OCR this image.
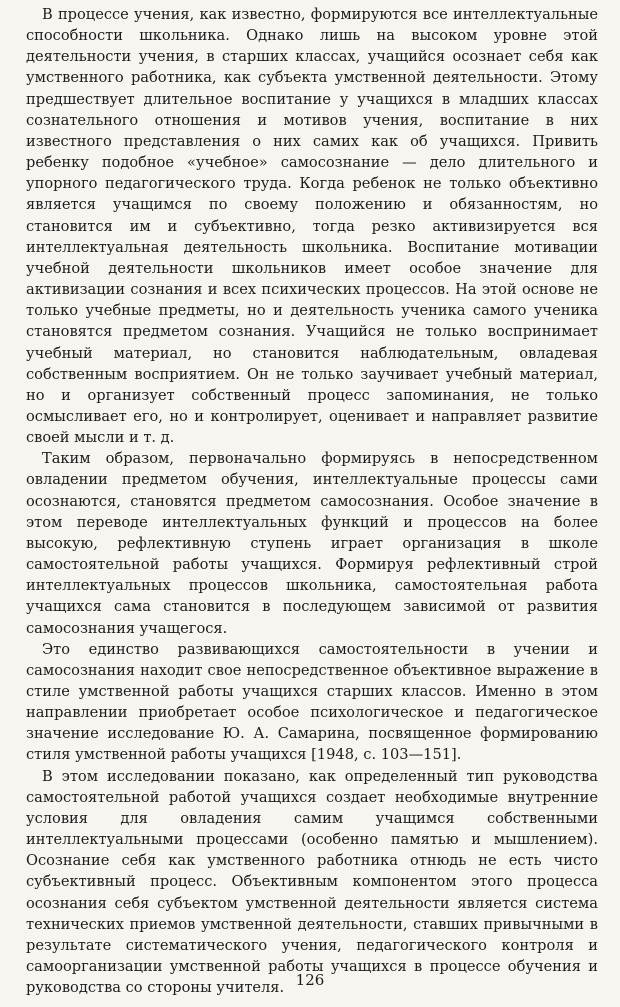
В процессе учения, как известно, формируются все интеллектуальные способности школьника. Однако лишь на высоком уровне этой деятельности учения, в старших классах, учащийся осознает себя как умственного работника, как субъекта умственной деятельности. Этому предшествует длительное воспитание у учащихся в младших классах сознательного отношения и мотивов учения, воспитание в них известного представления о них самих как об учащихся. Привить ребенку подобное «учебное» самосознание — дело длительного и упорного педагогического труда. Когда ребенок не только объективно является учащимся по своему положению и обязанностям, но становится им и субъективно, тогда резко активизируется вся интеллектуальная деятельность школьника. Воспитание мотивации учебной деятельности школьников имеет особое значение для активизации сознания и всех психических процессов. На этой основе не только учебные предметы, но и деятельность ученика самого ученика становятся предметом сознания. Учащийся не только воспринимает учебный материал, но становится наблюдательным, овладевая собственным восприятием. Он не только заучивает учебный материал, но и организует собственный процесс запоминания, не только осмысливает его, но и контролирует, оценивает и направляет развитие своей мысли и т. д.

Таким образом, первоначально формируясь в непосредственном овладении предметом обучения, интеллектуальные процессы сами осознаются, становятся предметом самосознания. Особое значение в этом переводе интеллектуальных функций и процессов на более высокую, рефлективную ступень играет организация в школе самостоятельной работы учащихся. Формируя рефлективный строй интеллектуальных процессов школьника, самостоятельная работа учащихся сама становится в последующем зависимой от развития самосознания учащегося.

Это единство развивающихся самостоятельности в учении и самосознания находит свое непосредственное объективное выражение в стиле умственной работы учащихся старших классов. Именно в этом направлении приобретает особое психологическое и педагогическое значение исследование Ю. А. Самарина, посвященное формированию стиля умственной работы учащихся [1948, с. 103—151].

В этом исследовании показано, как определенный тип руководства самостоятельной работой учащихся создает необходимые внутренние условия для овладения самим учащимся собственными интеллектуальными процессами (особенно памятью и мышлением). Осознание себя как умственного работника отнюдь не есть чисто субъективный процесс. Объективным компонентом этого процесса осознания себя субъектом умственной деятельности является система технических приемов умственной деятельности, ставших привычными в результате систематического учения, педагогического контроля и самоорганизации умственной работы учащихся в процессе обучения и руководства со стороны учителя. 126
